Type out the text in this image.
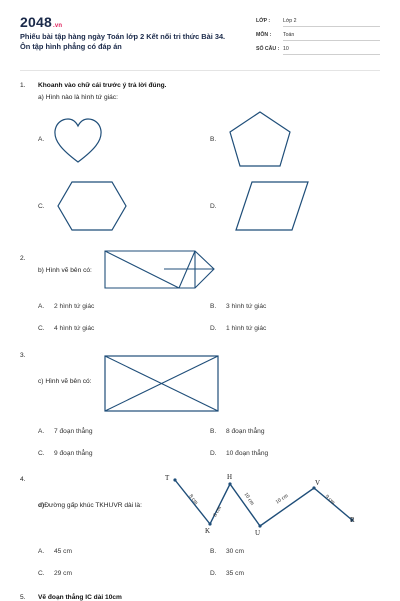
2048.vn
Phiếu bài tập hàng ngày Toán lớp 2 Kết nối tri thức Bài 34.
Ôn tập hình phẳng có đáp án
LỚP : Lớp 2
MÔN : Toán
SỐ CÂU : 10
1. Khoanh vào chữ cái trước ý trả lời đúng.
a) Hình nào là hình tứ giác:
A.	B.
C.	D.
2.
b) Hình vẽ bên có:
A. 2 hình tứ giác	B. 3 hình tứ giác
C. 4 hình tứ giác	D. 1 hình tứ giác
3.
c) Hình vẽ bên có:
A. 7 đoạn thẳng	B. 8 đoạn thẳng
C. 9 đoạn thẳng	D. 10 đoạn thẳng
4.
d)Đường gấp khúc TKHUVR dài là:
T
K
H
U
V
R
8 cm
8 cm
10 cm	10 cm	9 cm
A. 45 cm	B. 30 cm
C. 29 cm	D. 35 cm
5. Vẽ đoạn thẳng IC dài 10cm
